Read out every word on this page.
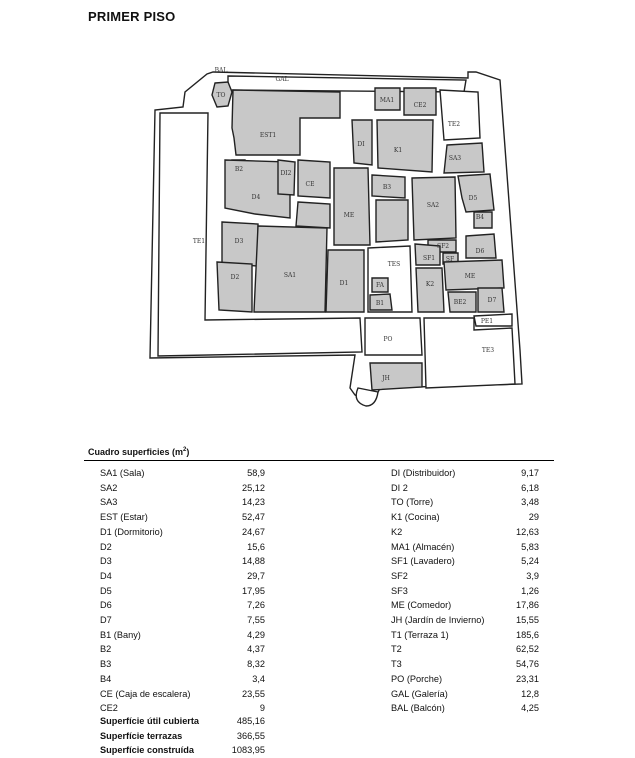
PRIMER PISO
BAL
GAL
TO
EST1
MA1
CE2
TE2
DI
K1
SA3
B2
DI2
CE
D4
B3
D5
ME
SA2
B4
TE1	D3
SF2
D6
SF1 SF
TES
D2	SA1
D1	FA	K2
ME
B1	BE2	D7
PE1
PO
TE3
JH
Cuadro superficies $(m^2)$
SA1 (Sala)	58,9
SA2	25,12
SA3	14,23
EST (Estar)	52,47
D1 (Dormitorio)	24,67
D2	15,6
D3	14,88
D4	29,7
D5	17,95
D6	7,26
D7	7,55
B1 (Bany)	4,29
B2	4,37
B3	8,32
B4	3,4
CE (Caja de escalera)	23,55
CE2	9
DI (Distribuidor)	9,17
DI 2	6,18
TO (Torre)	3,48
K1 (Cocina)	29
K2	12,63
MA1 (Almacén)	5,83
SF1 (Lavadero)	5,24
SF2	3,9
SF3	1,26
ME (Comedor)	17,86
JH (Jardín de Invierno)	15,55
T1 (Terraza 1)	185,6
T2	62,52
T3	54,76
PO (Porche)	23,31
GAL (Galería)	12,8
BAL (Balcón)	4,25
Superfície útil cubierta	485,16
Superfície terrazas	366,55
Superfície construída	1083,95
